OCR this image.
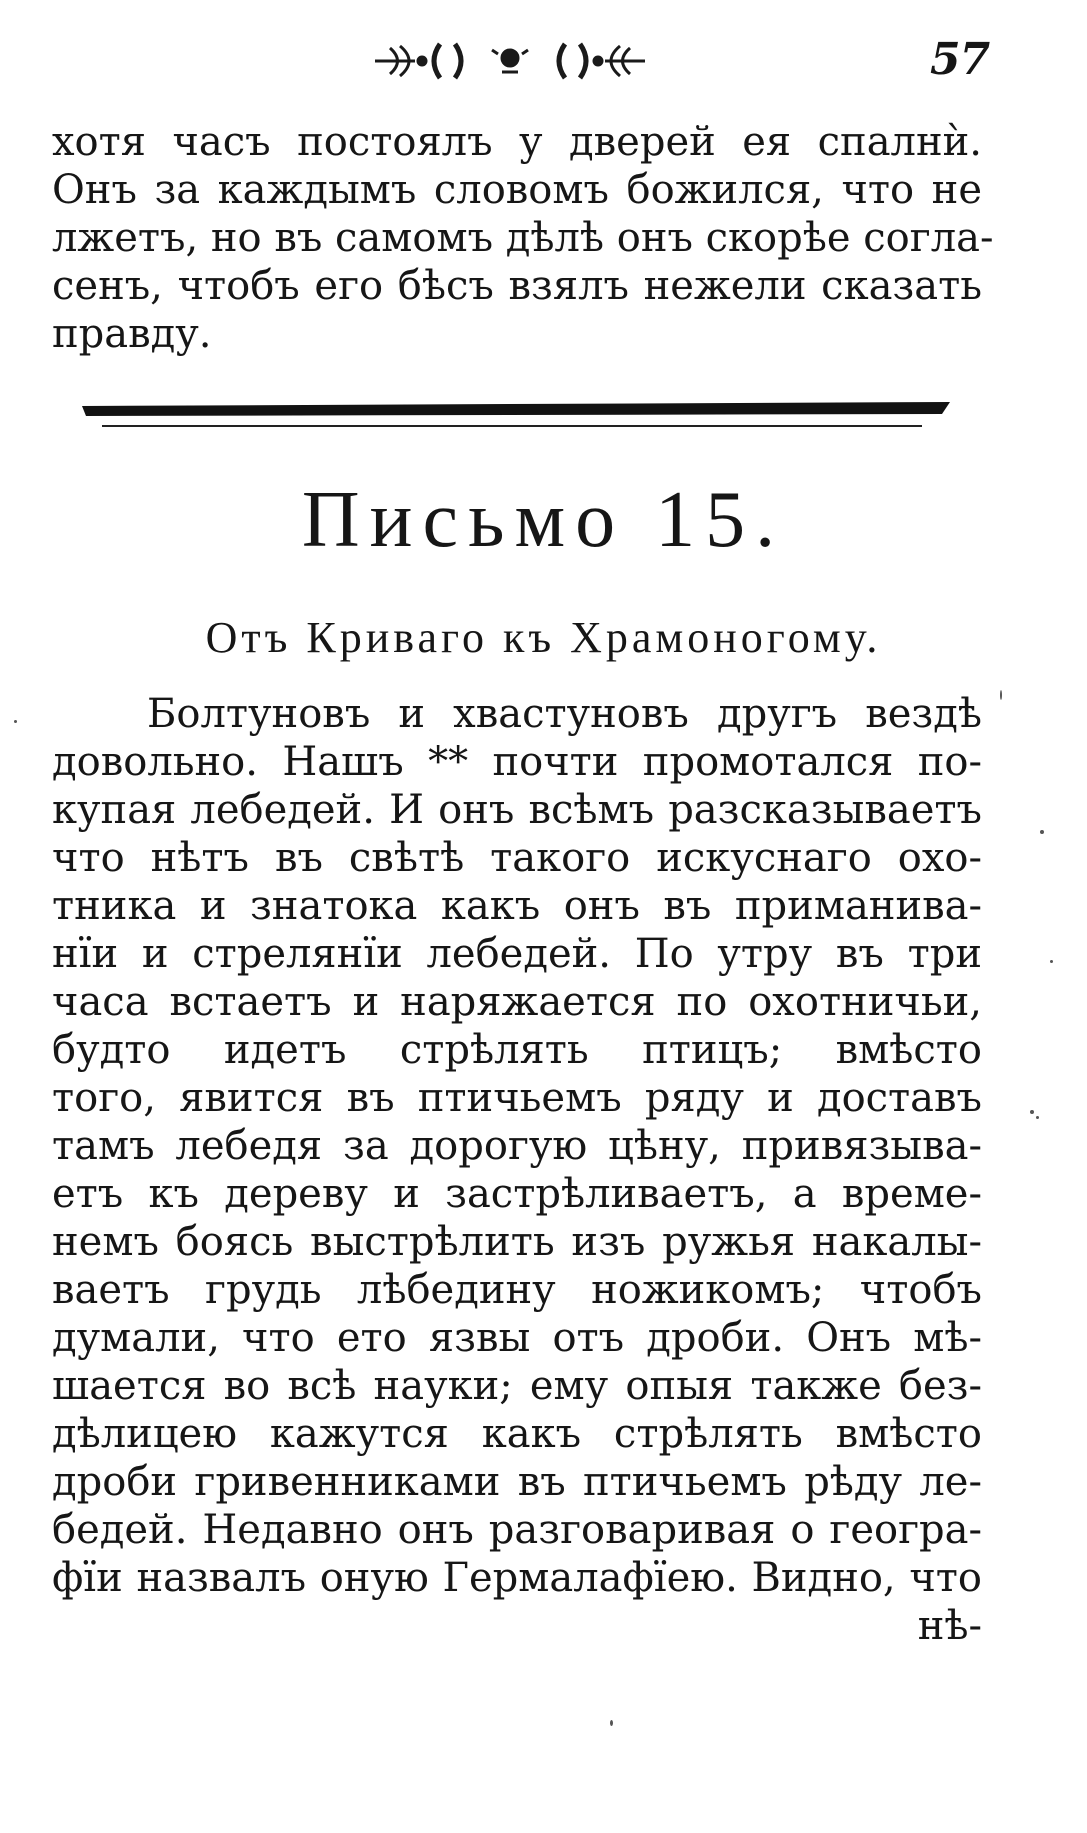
57
хотя часъ постоялъ у дверей ея спалнѝ.
Онъ за каждымъ словомъ божился, что не
лжетъ, но въ самомъ дѣлѣ онъ скорѣе согла-
сенъ, чтобъ его бѣсъ взялъ нежели сказать
правду.
Письмо 15.
Отъ Криваго къ Храмоногому.
Болтуновъ и хвастуновъ другъ вездѣ
довольно. Нашъ ** почти промотался по-
купая лебедей. И онъ всѣмъ разсказываетъ
что нѣтъ въ свѣтѣ такого искуснаго охо-
тника и знатока какъ онъ въ приманива-
нїи и стрелянїи лебедей. По утру въ три
часа встаетъ и наряжается по охотничьи,
будто идетъ стрѣлять птицъ; вмѣсто
того, явится въ птичьемъ ряду и доставъ
тамъ лебедя за дорогую цѣну, привязыва-
етъ къ дереву и застрѣливаетъ, а време-
немъ боясь выстрѣлить изъ ружья накалы-
ваетъ грудь лѣбедину ножикомъ; чтобъ
думали, что ето язвы отъ дроби. Онъ мѣ-
шается во всѣ науки; ему опыя также без-
дѣлицею кажутся какъ стрѣлять вмѣсто
дроби гривенниками въ птичьемъ рѣду ле-
бедей. Недавно онъ разговаривая о геогра-
фїи назвалъ оную Гермалафїею. Видно, что
нѣ-
